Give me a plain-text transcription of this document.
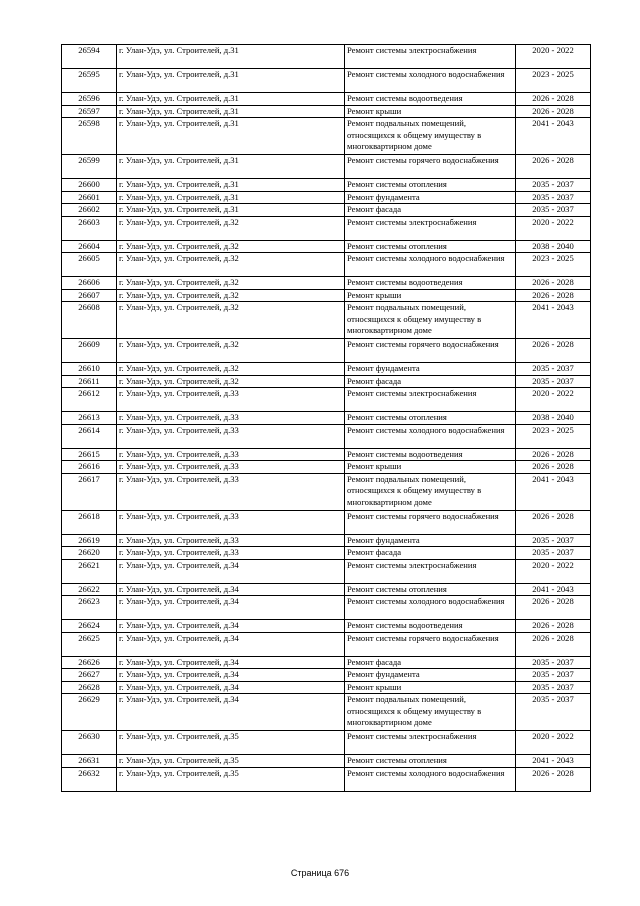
26594	г. Улан-Удэ, ул. Строителей, д.31	Ремонт системы электроснабжения	2020 - 2022
26595	г. Улан-Удэ, ул. Строителей, д.31	Ремонт системы холодного водоснабжения	2023 - 2025
26596	г. Улан-Удэ, ул. Строителей, д.31	Ремонт системы водоотведения	2026 - 2028
26597	г. Улан-Удэ, ул. Строителей, д.31	Ремонт крыши	2026 - 2028
26598	г. Улан-Удэ, ул. Строителей, д.31	Ремонт подвальных помещений, относящихся к общему имуществу в многоквартирном доме	2041 - 2043
26599	г. Улан-Удэ, ул. Строителей, д.31	Ремонт системы горячего водоснабжения	2026 - 2028
26600	г. Улан-Удэ, ул. Строителей, д.31	Ремонт системы отопления	2035 - 2037
26601	г. Улан-Удэ, ул. Строителей, д.31	Ремонт фундамента	2035 - 2037
26602	г. Улан-Удэ, ул. Строителей, д.31	Ремонт фасада	2035 - 2037
26603	г. Улан-Удэ, ул. Строителей, д.32	Ремонт системы электроснабжения	2020 - 2022
26604	г. Улан-Удэ, ул. Строителей, д.32	Ремонт системы отопления	2038 - 2040
26605	г. Улан-Удэ, ул. Строителей, д.32	Ремонт системы холодного водоснабжения	2023 - 2025
26606	г. Улан-Удэ, ул. Строителей, д.32	Ремонт системы водоотведения	2026 - 2028
26607	г. Улан-Удэ, ул. Строителей, д.32	Ремонт крыши	2026 - 2028
26608	г. Улан-Удэ, ул. Строителей, д.32	Ремонт подвальных помещений, относящихся к общему имуществу в многоквартирном доме	2041 - 2043
26609	г. Улан-Удэ, ул. Строителей, д.32	Ремонт системы горячего водоснабжения	2026 - 2028
26610	г. Улан-Удэ, ул. Строителей, д.32	Ремонт фундамента	2035 - 2037
26611	г. Улан-Удэ, ул. Строителей, д.32	Ремонт фасада	2035 - 2037
26612	г. Улан-Удэ, ул. Строителей, д.33	Ремонт системы электроснабжения	2020 - 2022
26613	г. Улан-Удэ, ул. Строителей, д.33	Ремонт системы отопления	2038 - 2040
26614	г. Улан-Удэ, ул. Строителей, д.33	Ремонт системы холодного водоснабжения	2023 - 2025
26615	г. Улан-Удэ, ул. Строителей, д.33	Ремонт системы водоотведения	2026 - 2028
26616	г. Улан-Удэ, ул. Строителей, д.33	Ремонт крыши	2026 - 2028
26617	г. Улан-Удэ, ул. Строителей, д.33	Ремонт подвальных помещений, относящихся к общему имуществу в многоквартирном доме	2041 - 2043
26618	г. Улан-Удэ, ул. Строителей, д.33	Ремонт системы горячего водоснабжения	2026 - 2028
26619	г. Улан-Удэ, ул. Строителей, д.33	Ремонт фундамента	2035 - 2037
26620	г. Улан-Удэ, ул. Строителей, д.33	Ремонт фасада	2035 - 2037
26621	г. Улан-Удэ, ул. Строителей, д.34	Ремонт системы электроснабжения	2020 - 2022
26622	г. Улан-Удэ, ул. Строителей, д.34	Ремонт системы отопления	2041 - 2043
26623	г. Улан-Удэ, ул. Строителей, д.34	Ремонт системы холодного водоснабжения	2026 - 2028
26624	г. Улан-Удэ, ул. Строителей, д.34	Ремонт системы водоотведения	2026 - 2028
26625	г. Улан-Удэ, ул. Строителей, д.34	Ремонт системы горячего водоснабжения	2026 - 2028
26626	г. Улан-Удэ, ул. Строителей, д.34	Ремонт фасада	2035 - 2037
26627	г. Улан-Удэ, ул. Строителей, д.34	Ремонт фундамента	2035 - 2037
26628	г. Улан-Удэ, ул. Строителей, д.34	Ремонт крыши	2035 - 2037
26629	г. Улан-Удэ, ул. Строителей, д.34	Ремонт подвальных помещений, относящихся к общему имуществу в многоквартирном доме	2035 - 2037
26630	г. Улан-Удэ, ул. Строителей, д.35	Ремонт системы электроснабжения	2020 - 2022
26631	г. Улан-Удэ, ул. Строителей, д.35	Ремонт системы отопления	2041 - 2043
26632	г. Улан-Удэ, ул. Строителей, д.35	Ремонт системы холодного водоснабжения	2026 - 2028
Страница 676
